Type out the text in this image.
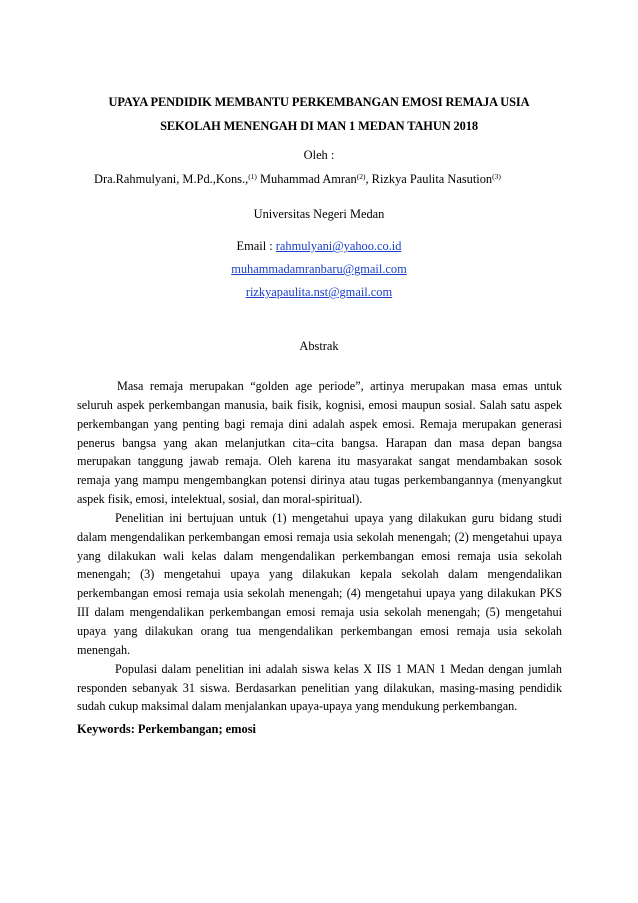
UPAYA PENDIDIK MEMBANTU PERKEMBANGAN EMOSI REMAJA USIA
SEKOLAH MENENGAH DI MAN 1 MEDAN TAHUN 2018
Oleh :
Dra.Rahmulyani, M.Pd.,Kons.,$^{(1)}$ Muhammad Amran$^{(2)}$, Rizkya Paulita Nasution$^{(3)}$
Universitas Negeri Medan
Email : rahmulyani@yahoo.co.id
muhammadamranbaru@gmail.com
rizkyapaulita.nst@gmail.com
Abstrak

Masa remaja merupakan “golden age periode”, artinya merupakan masa emas untuk seluruh aspek perkembangan manusia, baik fisik, kognisi, emosi maupun sosial. Salah satu aspek perkembangan yang penting bagi remaja dini adalah aspek emosi. Remaja merupakan generasi penerus bangsa yang akan melanjutkan cita–cita bangsa. Harapan dan masa depan bangsa merupakan tanggung jawab remaja. Oleh karena itu masyarakat sangat mendambakan sosok remaja yang mampu mengembangkan potensi dirinya atau tugas perkembangannya (menyangkut aspek fisik, emosi, intelektual, sosial, dan moral-spiritual).

Penelitian ini bertujuan untuk (1) mengetahui upaya yang dilakukan guru bidang studi dalam mengendalikan perkembangan emosi remaja usia sekolah menengah; (2) mengetahui upaya yang dilakukan wali kelas dalam mengendalikan perkembangan emosi remaja usia sekolah menengah; (3) mengetahui upaya yang dilakukan kepala sekolah dalam mengendalikan perkembangan emosi remaja usia sekolah menengah; (4) mengetahui upaya yang dilakukan PKS III dalam mengendalikan perkembangan emosi remaja usia sekolah menengah; (5) mengetahui upaya yang dilakukan orang tua mengendalikan perkembangan emosi remaja usia sekolah menengah.

Populasi dalam penelitian ini adalah siswa kelas X IIS 1 MAN 1 Medan dengan jumlah responden sebanyak 31 siswa. Berdasarkan penelitian yang dilakukan, masing-masing pendidik sudah cukup maksimal dalam menjalankan upaya-upaya yang mendukung perkembangan.

Keywords: Perkembangan; emosi
